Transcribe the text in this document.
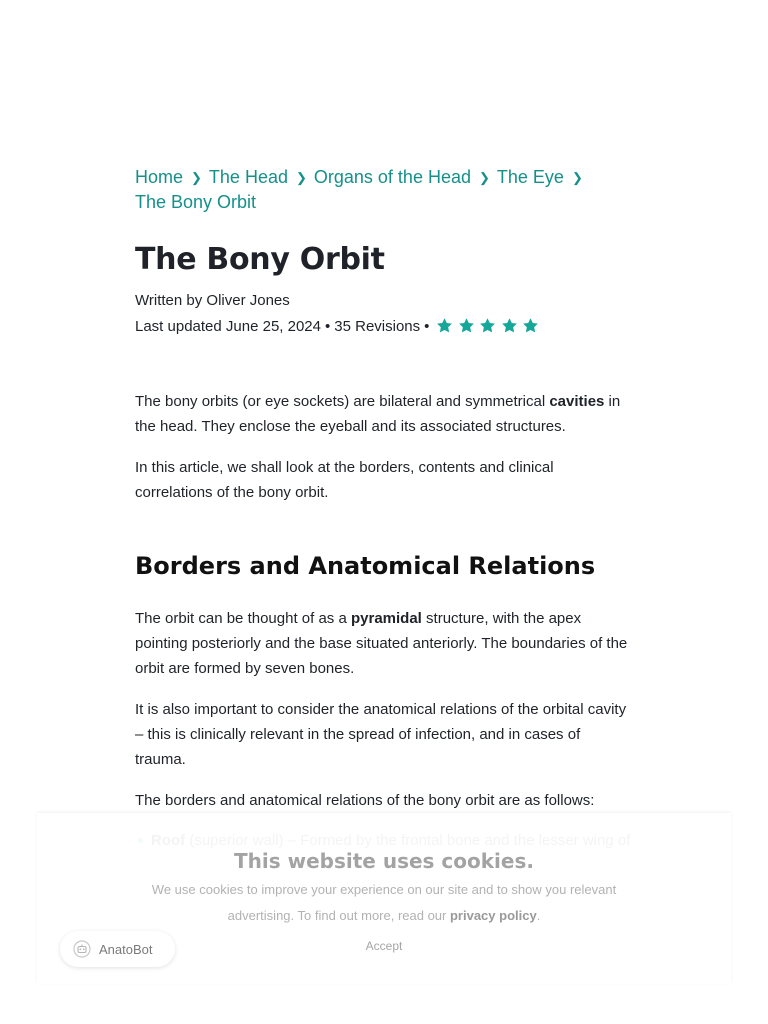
Home ❯ The Head ❯ Organs of the Head ❯ The Eye ❯
The Bony Orbit
The Bony Orbit
Written by Oliver Jones
Last updated June 25, 2024 • 35 Revisions •

The bony orbits (or eye sockets) are bilateral and symmetrical cavities in the head. They enclose the eyeball and its associated structures.

In this article, we shall look at the borders, contents and clinical correlations of the bony orbit.

Borders and Anatomical Relations

The orbit can be thought of as a pyramidal structure, with the apex pointing posteriorly and the base situated anteriorly. The boundaries of the orbit are formed by seven bones.

It is also important to consider the anatomical relations of the orbital cavity – this is clinically relevant in the spread of infection, and in cases of trauma.

The borders and anatomical relations of the bony orbit are as follows:

This website uses cookies.
We use cookies to improve your experience on our site and to show you relevant advertising. To find out more, read our privacy policy.
Accept
AnatoBot
